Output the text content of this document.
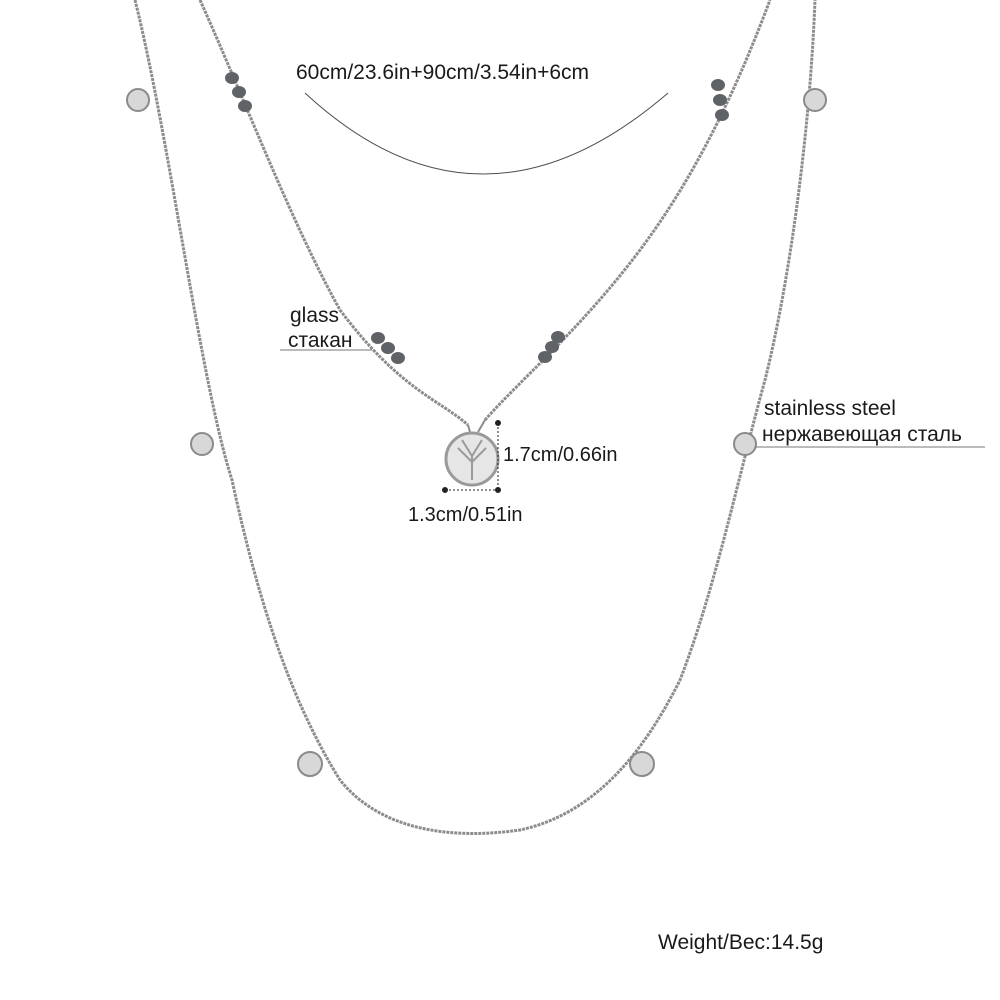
60cm/23.6in+90cm/3.54in+6cm
glass
стакан
stainless steel
нержавеющая сталь
1.7cm/0.66in
1.3cm/0.51in
Weight/Bec:14.5g
